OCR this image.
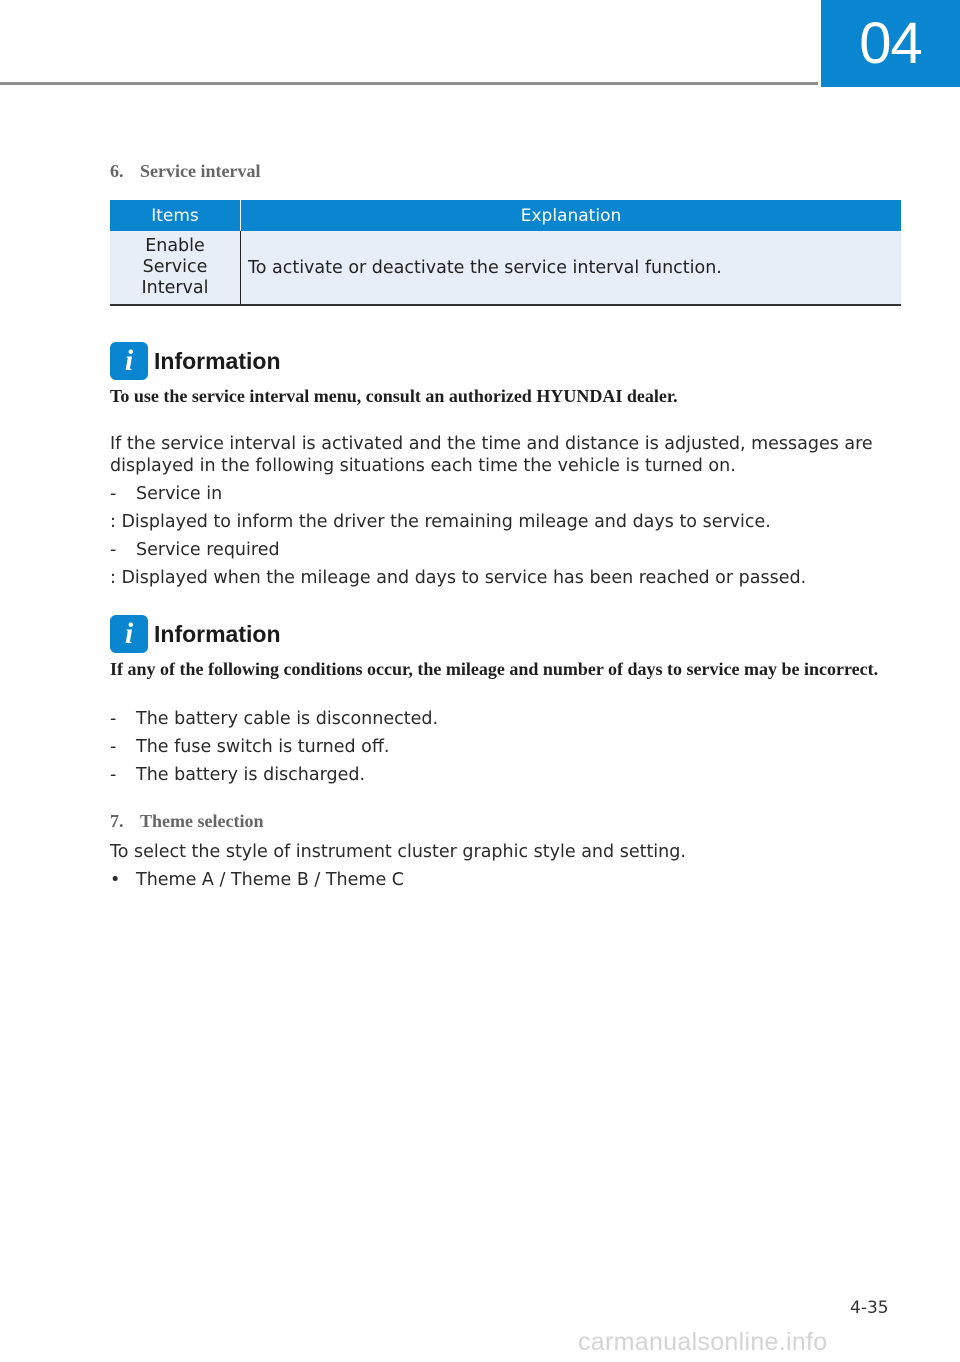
04
6. Service interval
Items	Explanation

Enable
Service
Interval	To activate or deactivate the service interval function.
i Information
To use the service interval menu, consult an authorized HYUNDAI dealer.
If the service interval is activated and the time and distance is adjusted, messages are displayed in the following situations each time the vehicle is turned on.
- Service in
: Displayed to inform the driver the remaining mileage and days to service.
- Service required
: Displayed when the mileage and days to service has been reached or passed.
i Information
If any of the following conditions occur, the mileage and number of days to service may be incorrect.
- The battery cable is disconnected.
- The fuse switch is turned off.
- The battery is discharged.
7. Theme selection
To select the style of instrument cluster graphic style and setting.
• Theme A / Theme B / Theme C
4-35
carmanualsonline.info
